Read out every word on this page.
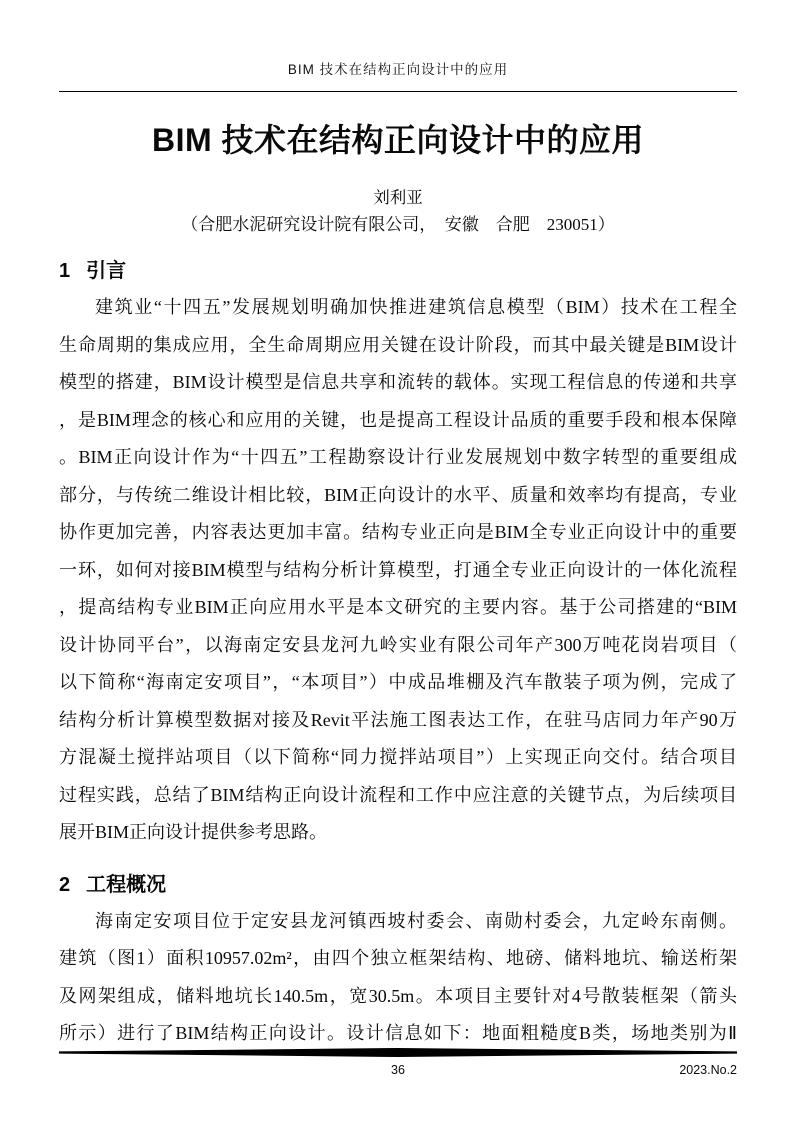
BIM 技术在结构正向设计中的应用
BIM 技术在结构正向设计中的应用
刘利亚
（合肥水泥研究设计院有限公司，　安徽　合肥　230051）
1 引言
建筑业“十四五”发展规划明确加快推进建筑信息模型（BIM）技术在工程全
生命周期的集成应用，全生命周期应用关键在设计阶段，而其中最关键是BIM设计
模型的搭建，BIM设计模型是信息共享和流转的载体。实现工程信息的传递和共享
，是BIM理念的核心和应用的关键，也是提高工程设计品质的重要手段和根本保障
。BIM正向设计作为“十四五”工程勘察设计行业发展规划中数字转型的重要组成
部分，与传统二维设计相比较，BIM正向设计的水平、质量和效率均有提高，专业
协作更加完善，内容表达更加丰富。结构专业正向是BIM全专业正向设计中的重要
一环，如何对接BIM模型与结构分析计算模型，打通全专业正向设计的一体化流程
，提高结构专业BIM正向应用水平是本文研究的主要内容。基于公司搭建的“BIM
设计协同平台”，以海南定安县龙河九岭实业有限公司年产300万吨花岗岩项目（
以下简称“海南定安项目”，“本项目”）中成品堆棚及汽车散装子项为例，完成了
结构分析计算模型数据对接及Revit平法施工图表达工作，在驻马店同力年产90万
方混凝土搅拌站项目（以下简称“同力搅拌站项目”）上实现正向交付。结合项目
过程实践，总结了BIM结构正向设计流程和工作中应注意的关键节点，为后续项目
展开BIM正向设计提供参考思路。
2 工程概况
海南定安项目位于定安县龙河镇西坡村委会、南勋村委会，九定岭东南侧。
建筑（图1）面积10957.02m²，由四个独立框架结构、地磅、储料地坑、输送桁架
及网架组成，储料地坑长140.5m，宽30.5m。本项目主要针对4号散装框架（箭头
所示）进行了BIM结构正向设计。设计信息如下：地面粗糙度B类，场地类别为Ⅱ
36	2023.No.2
